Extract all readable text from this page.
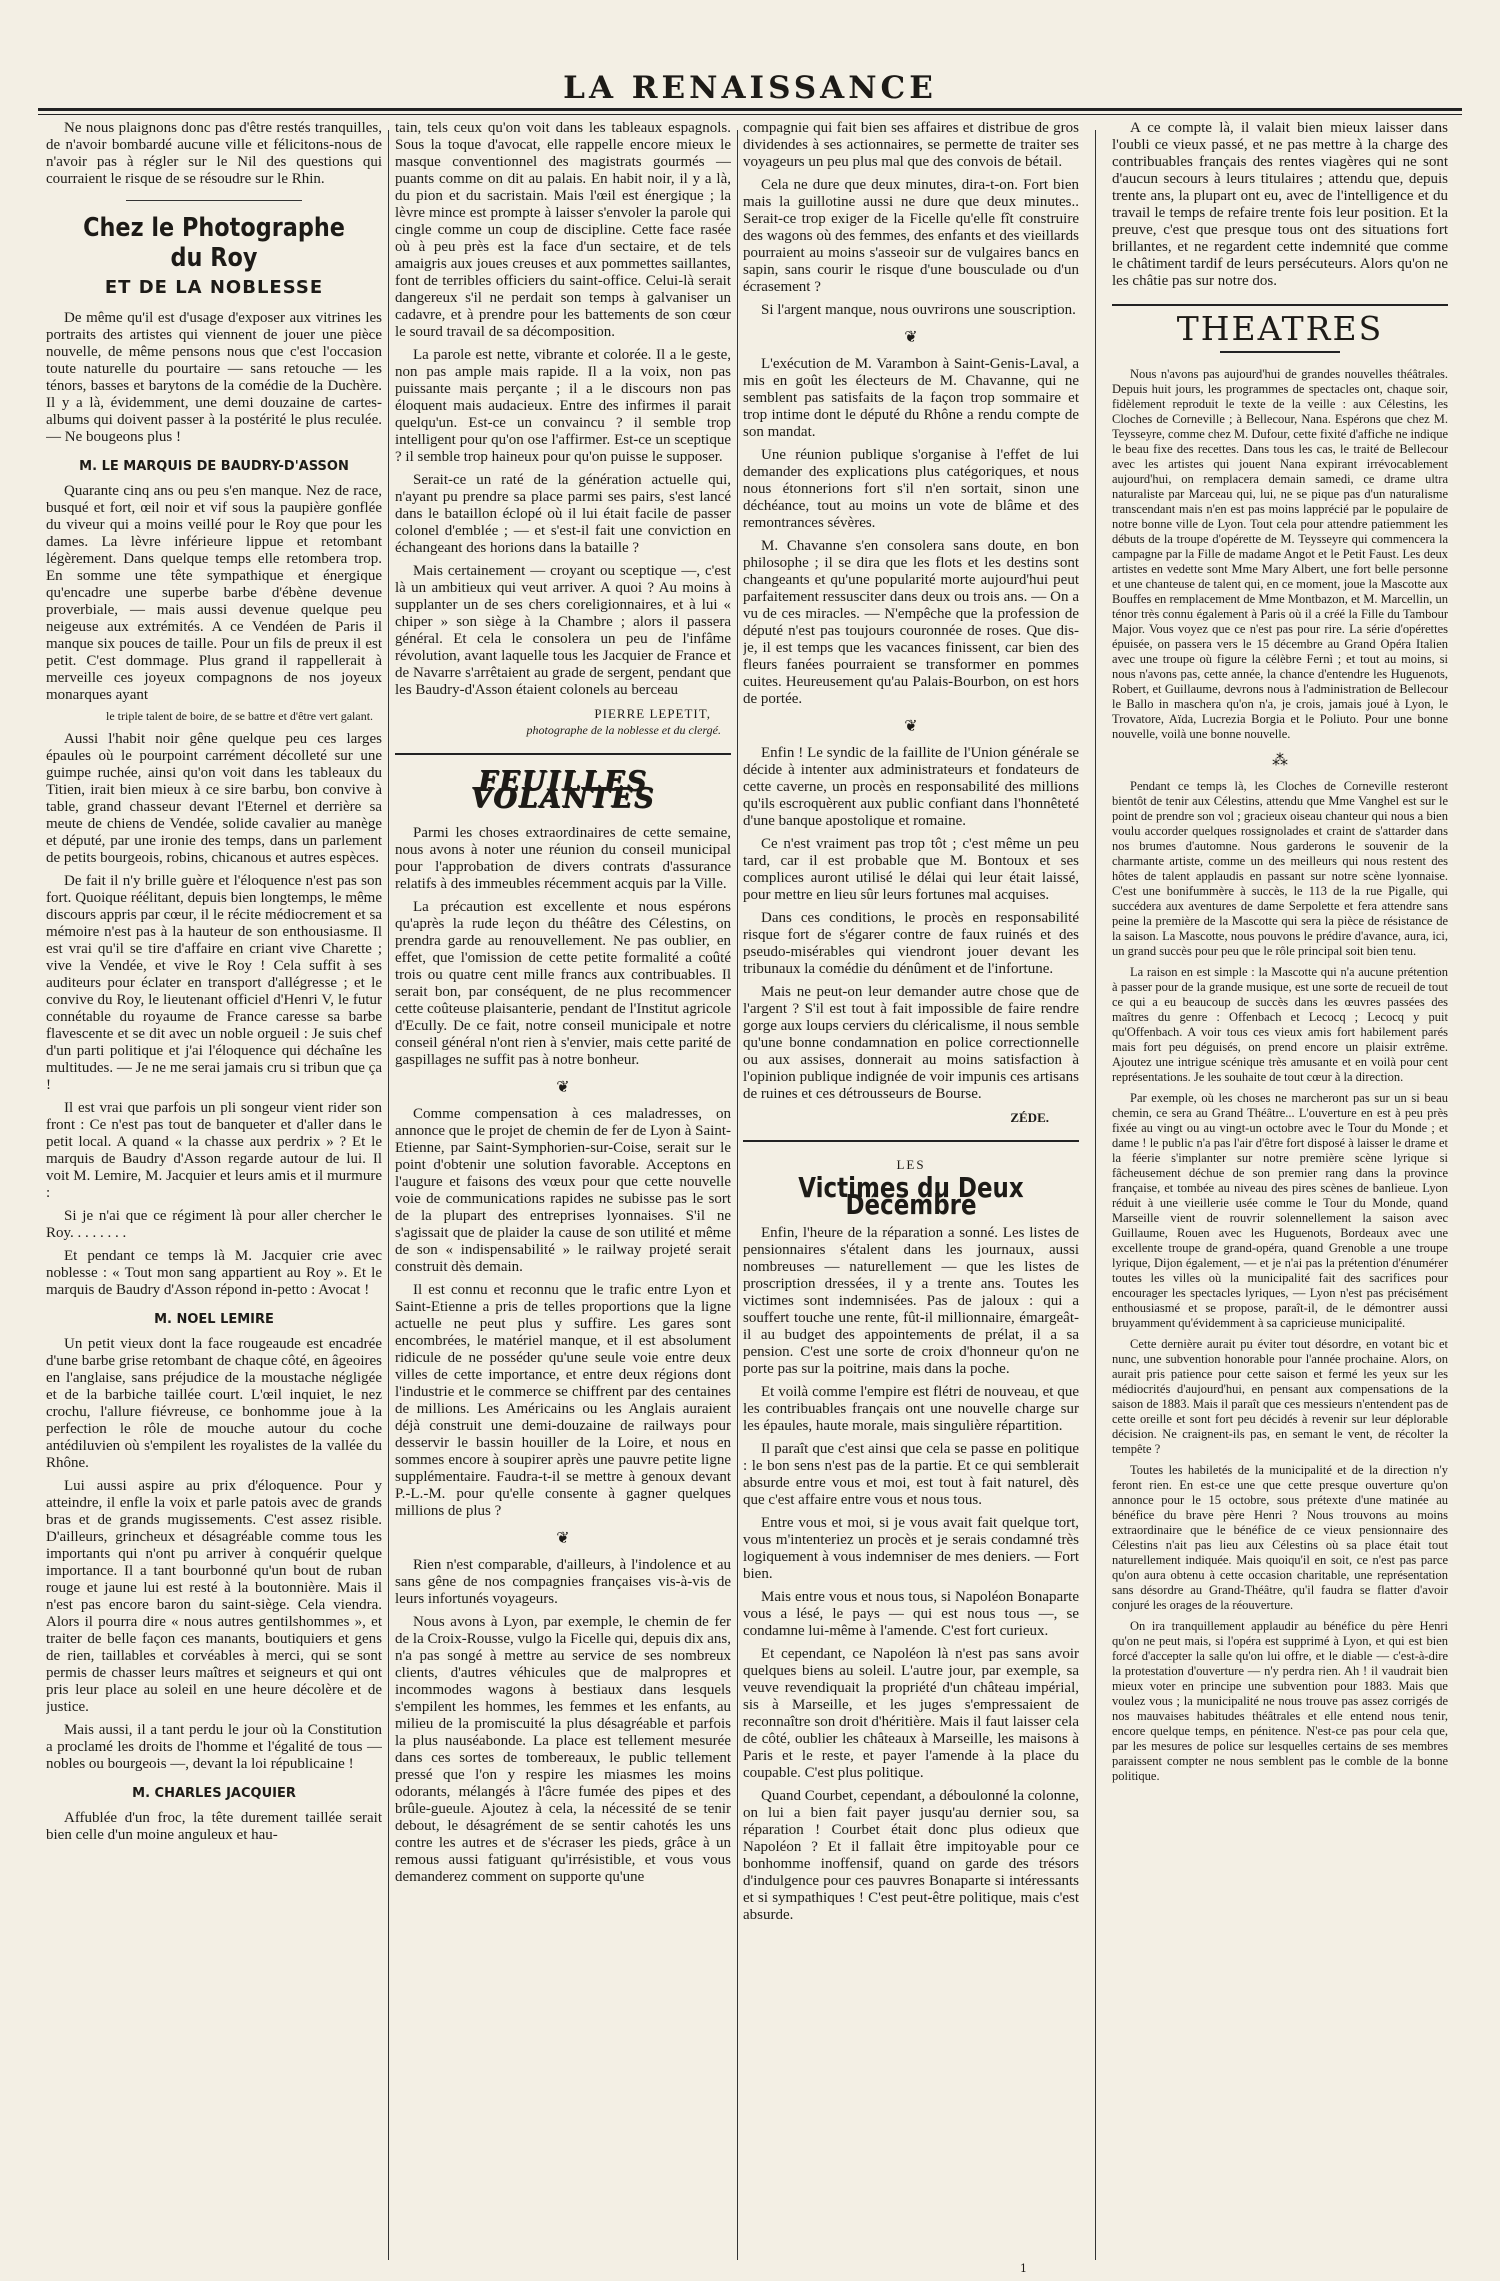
LA RENAISSANCE

Ne nous plaignons donc pas d'être restés tranquilles, de n'avoir bombardé aucune ville et félicitons-nous de n'avoir pas à régler sur le Nil des questions qui courraient le risque de se résoudre sur le Rhin.

Chez le Photographe du Roy
ET DE LA NOBLESSE

De même qu'il est d'usage d'exposer aux vitrines les portraits des artistes qui viennent de jouer une pièce nouvelle, de même pensons nous que c'est l'occasion toute naturelle du pourtaire — sans retouche — les ténors, basses et barytons de la comédie de la Duchère. Il y a là, évidemment, une demi douzaine de cartes-albums qui doivent passer à la postérité le plus reculée. — Ne bougeons plus !

M. LE MARQUIS DE BAUDRY-D'ASSON

Quarante cinq ans ou peu s'en manque. Nez de race, busqué et fort, œil noir et vif sous la paupière gonflée du viveur qui a moins veillé pour le Roy que pour les dames. La lèvre inférieure lippue et retombant légèrement. Dans quelque temps elle retombera trop. En somme une tête sympathique et énergique qu'encadre une superbe barbe d'ébène devenue proverbiale, — mais aussi devenue quelque peu neigeuse aux extrémités. A ce Vendéen de Paris il manque six pouces de taille. Pour un fils de preux il est petit. C'est dommage. Plus grand il rappellerait à merveille ces joyeux compagnons de nos joyeux monarques ayant

le triple talent de boire, de se battre et d'être vert galant.

Aussi l'habit noir gêne quelque peu ces larges épaules où le pourpoint carrément décolleté sur une guimpe ruchée, ainsi qu'on voit dans les tableaux du Titien, irait bien mieux à ce sire barbu, bon convive à table, grand chasseur devant l'Eternel et derrière sa meute de chiens de Vendée, solide cavalier au manège et député, par une ironie des temps, dans un parlement de petits bourgeois, robins, chicanous et autres espèces.

De fait il n'y brille guère et l'éloquence n'est pas son fort. Quoique réélitant, depuis bien longtemps, le même discours appris par cœur, il le récite médiocrement et sa mémoire n'est pas à la hauteur de son enthousiasme. Il est vrai qu'il se tire d'affaire en criant vive Charette ; vive la Vendée, et vive le Roy ! Cela suffit à ses auditeurs pour éclater en transport d'allégresse ; et le convive du Roy, le lieutenant officiel d'Henri V, le futur connétable du royaume de France caresse sa barbe flavescente et se dit avec un noble orgueil : Je suis chef d'un parti politique et j'ai l'éloquence qui déchaîne les multitudes. — Je ne me serai jamais cru si tribun que ça !

Il est vrai que parfois un pli songeur vient rider son front : Ce n'est pas tout de banqueter et d'aller dans le petit local. A quand « la chasse aux perdrix » ? Et le marquis de Baudry d'Asson regarde autour de lui. Il voit M. Lemire, M. Jacquier et leurs amis et il murmure :

Si je n'ai que ce régiment là pour aller chercher le Roy. . . . . . . .

Et pendant ce temps là M. Jacquier crie avec noblesse : « Tout mon sang appartient au Roy ». Et le marquis de Baudry d'Asson répond in-petto : Avocat !

M. NOEL LEMIRE

Un petit vieux dont la face rougeaude est encadrée d'une barbe grise retombant de chaque côté, en âgeoires en l'anglaise, sans préjudice de la moustache négligée et de la barbiche taillée court. L'œil inquiet, le nez crochu, l'allure fiévreuse, ce bonhomme joue à la perfection le rôle de mouche autour du coche antédiluvien où s'empilent les royalistes de la vallée du Rhône.

Lui aussi aspire au prix d'éloquence. Pour y atteindre, il enfle la voix et parle patois avec de grands bras et de grands mugissements. C'est assez risible. D'ailleurs, grincheux et désagréable comme tous les importants qui n'ont pu arriver à conquérir quelque importance. Il a tant bourbonné qu'un bout de ruban rouge et jaune lui est resté à la boutonnière. Mais il n'est pas encore baron du saint-siège. Cela viendra. Alors il pourra dire « nous autres gentilshommes », et traiter de belle façon ces manants, boutiquiers et gens de rien, taillables et corvéables à merci, qui se sont permis de chasser leurs maîtres et seigneurs et qui ont pris leur place au soleil en une heure décolère et de justice.

Mais aussi, il a tant perdu le jour où la Constitution a proclamé les droits de l'homme et l'égalité de tous — nobles ou bourgeois —, devant la loi républicaine !

M. CHARLES JACQUIER

Affublée d'un froc, la tête durement taillée serait bien celle d'un moine anguleux et hau-

tain, tels ceux qu'on voit dans les tableaux espagnols. Sous la toque d'avocat, elle rappelle encore mieux le masque conventionnel des magistrats gourmés — puants comme on dit au palais. En habit noir, il y a là, du pion et du sacristain. Mais l'œil est énergique ; la lèvre mince est prompte à laisser s'envoler la parole qui cingle comme un coup de discipline. Cette face rasée où à peu près est la face d'un sectaire, et de tels amaigris aux joues creuses et aux pommettes saillantes, font de terribles officiers du saint-office. Celui-là serait dangereux s'il ne perdait son temps à galvaniser un cadavre, et à prendre pour les battements de son cœur le sourd travail de sa décomposition.

La parole est nette, vibrante et colorée. Il a le geste, non pas ample mais rapide. Il a la voix, non pas puissante mais perçante ; il a le discours non pas éloquent mais audacieux. Entre des infirmes il parait quelqu'un. Est-ce un convaincu ? il semble trop intelligent pour qu'on ose l'affirmer. Est-ce un sceptique ? il semble trop haineux pour qu'on puisse le supposer.

Serait-ce un raté de la génération actuelle qui, n'ayant pu prendre sa place parmi ses pairs, s'est lancé dans le bataillon éclopé où il lui était facile de passer colonel d'emblée ; — et s'est-il fait une conviction en échangeant des horions dans la bataille ?

Mais certainement — croyant ou sceptique —, c'est là un ambitieux qui veut arriver. A quoi ? Au moins à supplanter un de ses chers coreligionnaires, et à lui « chiper » son siège à la Chambre ; alors il passera général. Et cela le consolera un peu de l'infâme révolution, avant laquelle tous les Jacquier de France et de Navarre s'arrêtaient au grade de sergent, pendant que les Baudry-d'Asson étaient colonels au berceau

PIERRE LEPETIT,
photographe de la noblesse et du clergé.
FEUILLES VOLANTES

Parmi les choses extraordinaires de cette semaine, nous avons à noter une réunion du conseil municipal pour l'approbation de divers contrats d'assurance relatifs à des immeubles récemment acquis par la Ville.

La précaution est excellente et nous espérons qu'après la rude leçon du théâtre des Célestins, on prendra garde au renouvellement. Ne pas oublier, en effet, que l'omission de cette petite formalité a coûté trois ou quatre cent mille francs aux contribuables. Il serait bon, par conséquent, de ne plus recommencer cette coûteuse plaisanterie, pendant de l'Institut agricole d'Ecully. De ce fait, notre conseil municipale et notre conseil général n'ont rien à s'envier, mais cette parité de gaspillages ne suffit pas à notre bonheur.

❦

Comme compensation à ces maladresses, on annonce que le projet de chemin de fer de Lyon à Saint-Etienne, par Saint-Symphorien-sur-Coise, serait sur le point d'obtenir une solution favorable. Acceptons en l'augure et faisons des vœux pour que cette nouvelle voie de communications rapides ne subisse pas le sort de la plupart des entreprises lyonnaises. S'il ne s'agissait que de plaider la cause de son utilité et même de son « indispensabilité » le railway projeté serait construit dès demain.

Il est connu et reconnu que le trafic entre Lyon et Saint-Etienne a pris de telles proportions que la ligne actuelle ne peut plus y suffire. Les gares sont encombrées, le matériel manque, et il est absolument ridicule de ne posséder qu'une seule voie entre deux villes de cette importance, et entre deux régions dont l'industrie et le commerce se chiffrent par des centaines de millions. Les Américains ou les Anglais auraient déjà construit une demi-douzaine de railways pour desservir le bassin houiller de la Loire, et nous en sommes encore à soupirer après une pauvre petite ligne supplémentaire. Faudra-t-il se mettre à genoux devant P.-L.-M. pour qu'elle consente à gagner quelques millions de plus ?

❦

Rien n'est comparable, d'ailleurs, à l'indolence et au sans gêne de nos compagnies françaises vis-à-vis de leurs infortunés voyageurs.

Nous avons à Lyon, par exemple, le chemin de fer de la Croix-Rousse, vulgo la Ficelle qui, depuis dix ans, n'a pas songé à mettre au service de ses nombreux clients, d'autres véhicules que de malpropres et incommodes wagons à bestiaux dans lesquels s'empilent les hommes, les femmes et les enfants, au milieu de la promiscuité la plus désagréable et parfois la plus nauséabonde. La place est tellement mesurée dans ces sortes de tombereaux, le public tellement pressé que l'on y respire les miasmes les moins odorants, mélangés à l'âcre fumée des pipes et des brûle-gueule. Ajoutez à cela, la nécessité de se tenir debout, le désagrément de se sentir cahotés les uns contre les autres et de s'écraser les pieds, grâce à un remous aussi fatiguant qu'irrésistible, et vous vous demanderez comment on supporte qu'une

compagnie qui fait bien ses affaires et distribue de gros dividendes à ses actionnaires, se permette de traiter ses voyageurs un peu plus mal que des convois de bétail.

Cela ne dure que deux minutes, dira-t-on. Fort bien mais la guillotine aussi ne dure que deux minutes.. Serait-ce trop exiger de la Ficelle qu'elle fît construire des wagons où des femmes, des enfants et des vieillards pourraient au moins s'asseoir sur de vulgaires bancs en sapin, sans courir le risque d'une bousculade ou d'un écrasement ?

Si l'argent manque, nous ouvrirons une souscription.

❦

L'exécution de M. Varambon à Saint-Genis-Laval, a mis en goût les électeurs de M. Chavanne, qui ne semblent pas satisfaits de la façon trop sommaire et trop intime dont le député du Rhône a rendu compte de son mandat.

Une réunion publique s'organise à l'effet de lui demander des explications plus catégoriques, et nous nous étonnerions fort s'il n'en sortait, sinon une déchéance, tout au moins un vote de blâme et des remontrances sévères.

M. Chavanne s'en consolera sans doute, en bon philosophe ; il se dira que les flots et les destins sont changeants et qu'une popularité morte aujourd'hui peut parfaitement ressusciter dans deux ou trois ans. — On a vu de ces miracles. — N'empêche que la profession de député n'est pas toujours couronnée de roses. Que dis-je, il est temps que les vacances finissent, car bien des fleurs fanées pourraient se transformer en pommes cuites. Heureusement qu'au Palais-Bourbon, on est hors de portée.

❦

Enfin ! Le syndic de la faillite de l'Union générale se décide à intenter aux administrateurs et fondateurs de cette caverne, un procès en responsabilité des millions qu'ils escroquèrent aux public confiant dans l'honnêteté d'une banque apostolique et romaine.

Ce n'est vraiment pas trop tôt ; c'est même un peu tard, car il est probable que M. Bontoux et ses complices auront utilisé le délai qui leur était laissé, pour mettre en lieu sûr leurs fortunes mal acquises.

Dans ces conditions, le procès en responsabilité risque fort de s'égarer contre de faux ruinés et des pseudo-misérables qui viendront jouer devant les tribunaux la comédie du dénûment et de l'infortune.

Mais ne peut-on leur demander autre chose que de l'argent ? S'il est tout à fait impossible de faire rendre gorge aux loups cerviers du cléricalisme, il nous semble qu'une bonne condamnation en police correctionnelle ou aux assises, donnerait au moins satisfaction à l'opinion publique indignée de voir impunis ces artisans de ruines et ces détrousseurs de Bourse.

ZÉDE.
LES
Victimes du Deux Décembre

Enfin, l'heure de la réparation a sonné. Les listes de pensionnaires s'étalent dans les journaux, aussi nombreuses — naturellement — que les listes de proscription dressées, il y a trente ans. Toutes les victimes sont indemnisées. Pas de jaloux : qui a souffert touche une rente, fût-il millionnaire, émargeât-il au budget des appointements de prélat, il a sa pension. C'est une sorte de croix d'honneur qu'on ne porte pas sur la poitrine, mais dans la poche.

Et voilà comme l'empire est flétri de nouveau, et que les contribuables français ont une nouvelle charge sur les épaules, haute morale, mais singulière répartition.

Il paraît que c'est ainsi que cela se passe en politique : le bon sens n'est pas de la partie. Et ce qui semblerait absurde entre vous et moi, est tout à fait naturel, dès que c'est affaire entre vous et nous tous.

Entre vous et moi, si je vous avait fait quelque tort, vous m'intenteriez un procès et je serais condamné très logiquement à vous indemniser de mes deniers. — Fort bien.

Mais entre vous et nous tous, si Napoléon Bonaparte vous a lésé, le pays — qui est nous tous —, se condamne lui-même à l'amende. C'est fort curieux.

Et cependant, ce Napoléon là n'est pas sans avoir quelques biens au soleil. L'autre jour, par exemple, sa veuve revendiquait la propriété d'un château impérial, sis à Marseille, et les juges s'empressaient de reconnaître son droit d'héritière. Mais il faut laisser cela de côté, oublier les châteaux à Marseille, les maisons à Paris et le reste, et payer l'amende à la place du coupable. C'est plus politique.

Quand Courbet, cependant, a déboulonné la colonne, on lui a bien fait payer jusqu'au dernier sou, sa réparation ! Courbet était donc plus odieux que Napoléon ? Et il fallait être impitoyable pour ce bonhomme inoffensif, quand on garde des trésors d'indulgence pour ces pauvres Bonaparte si intéressants et si sympathiques ! C'est peut-être politique, mais c'est absurde.

A ce compte là, il valait bien mieux laisser dans l'oubli ce vieux passé, et ne pas mettre à la charge des contribuables français des rentes viagères qui ne sont d'aucun secours à leurs titulaires ; attendu que, depuis trente ans, la plupart ont eu, avec de l'intelligence et du travail le temps de refaire trente fois leur position. Et la preuve, c'est que presque tous ont des situations fort brillantes, et ne regardent cette indemnité que comme le châtiment tardif de leurs persécuteurs. Alors qu'on ne les châtie pas sur notre dos.

THEATRES

Nous n'avons pas aujourd'hui de grandes nouvelles théâtrales. Depuis huit jours, les programmes de spectacles ont, chaque soir, fidèlement reproduit le texte de la veille : aux Célestins, les Cloches de Corneville ; à Bellecour, Nana. Espérons que chez M. Teysseyre, comme chez M. Dufour, cette fixité d'affiche ne indique le beau fixe des recettes. Dans tous les cas, le traité de Bellecour avec les artistes qui jouent Nana expirant irrévocablement aujourd'hui, on remplacera demain samedi, ce drame ultra naturaliste par Marceau qui, lui, ne se pique pas d'un naturalisme transcendant mais n'en est pas moins lapprécié par le populaire de notre bonne ville de Lyon. Tout cela pour attendre patiemment les débuts de la troupe d'opérette de M. Teysseyre qui commencera la campagne par la Fille de madame Angot et le Petit Faust. Les deux artistes en vedette sont Mme Mary Albert, une fort belle personne et une chanteuse de talent qui, en ce moment, joue la Mascotte aux Bouffes en remplacement de Mme Montbazon, et M. Marcellin, un ténor très connu également à Paris où il a créé la Fille du Tambour Major. Vous voyez que ce n'est pas pour rire. La série d'opérettes épuisée, on passera vers le 15 décembre au Grand Opéra Italien avec une troupe où figure la célèbre Fernì ; et tout au moins, si nous n'avons pas, cette année, la chance d'entendre les Huguenots, Robert, et Guillaume, devrons nous à l'administration de Bellecour le Ballo in maschera qu'on n'a, je crois, jamais joué à Lyon, le Trovatore, Aïda, Lucrezia Borgia et le Poliuto. Pour une bonne nouvelle, voilà une bonne nouvelle.

⁂

Pendant ce temps là, les Cloches de Corneville resteront bientôt de tenir aux Célestins, attendu que Mme Vanghel est sur le point de prendre son vol ; gracieux oiseau chanteur qui nous a bien voulu accorder quelques rossignolades et craint de s'attarder dans nos brumes d'automne. Nous garderons le souvenir de la charmante artiste, comme un des meilleurs qui nous restent des hôtes de talent applaudis en passant sur notre scène lyonnaise. C'est une bonifummère à succès, le 113 de la rue Pigalle, qui succédera aux aventures de dame Serpolette et fera attendre sans peine la première de la Mascotte qui sera la pièce de résistance de la saison. La Mascotte, nous pouvons le prédire d'avance, aura, ici, un grand succès pour peu que le rôle principal soit bien tenu.

La raison en est simple : la Mascotte qui n'a aucune prétention à passer pour de la grande musique, est une sorte de recueil de tout ce qui a eu beaucoup de succès dans les œuvres passées des maîtres du genre : Offenbach et Lecocq ; Lecocq y puit qu'Offenbach. A voir tous ces vieux amis fort habilement parés mais fort peu déguisés, on prend encore un plaisir extrême. Ajoutez une intrigue scénique très amusante et en voilà pour cent représentations. Je les souhaite de tout cœur à la direction.

Par exemple, où les choses ne marcheront pas sur un si beau chemin, ce sera au Grand Théâtre... L'ouverture en est à peu près fixée au vingt ou au vingt-un octobre avec le Tour du Monde ; et dame ! le public n'a pas l'air d'être fort disposé à laisser le drame et la féerie s'implanter sur notre première scène lyrique si fâcheusement déchue de son premier rang dans la province française, et tombée au niveau des pires scènes de banlieue. Lyon réduit à une vieillerie usée comme le Tour du Monde, quand Marseille vient de rouvrir solennellement la saison avec Guillaume, Rouen avec les Huguenots, Bordeaux avec une excellente troupe de grand-opéra, quand Grenoble a une troupe lyrique, Dijon également, — et je n'ai pas la prétention d'énumérer toutes les villes où la municipalité fait des sacrifices pour encourager les spectacles lyriques, — Lyon n'est pas précisément enthousiasmé et se propose, paraît-il, de le démontrer aussi bruyamment qu'évidemment à sa capricieuse municipalité.

Cette dernière aurait pu éviter tout désordre, en votant bic et nunc, une subvention honorable pour l'année prochaine. Alors, on aurait pris patience pour cette saison et fermé les yeux sur les médiocrités d'aujourd'hui, en pensant aux compensations de la saison de 1883. Mais il paraît que ces messieurs n'entendent pas de cette oreille et sont fort peu décidés à revenir sur leur déplorable décision. Ne craignent-ils pas, en semant le vent, de récolter la tempête ?

Toutes les habiletés de la municipalité et de la direction n'y feront rien. En est-ce une que cette presque ouverture qu'on annonce pour le 15 octobre, sous prétexte d'une matinée au bénéfice du brave père Henri ? Nous trouvons au moins extraordinaire que le bénéfice de ce vieux pensionnaire des Célestins n'ait pas lieu aux Célestins où sa place était tout naturellement indiquée. Mais quoiqu'il en soit, ce n'est pas parce qu'on aura obtenu à cette occasion charitable, une représentation sans désordre au Grand-Théâtre, qu'il faudra se flatter d'avoir conjuré les orages de la réouverture.

On ira tranquillement applaudir au bénéfice du père Henri qu'on ne peut mais, si l'opéra est supprimé à Lyon, et qui est bien forcé d'accepter la salle qu'on lui offre, et le diable — c'est-à-dire la protestation d'ouverture — n'y perdra rien. Ah ! il vaudrait bien mieux voter en principe une subvention pour 1883. Mais que voulez vous ; la municipalité ne nous trouve pas assez corrigés de nos mauvaises habitudes théâtrales et elle entend nous tenir, encore quelque temps, en pénitence. N'est-ce pas pour cela que, par les mesures de police sur lesquelles certains de ses membres paraissent compter ne nous semblent pas le comble de la bonne politique.

1
